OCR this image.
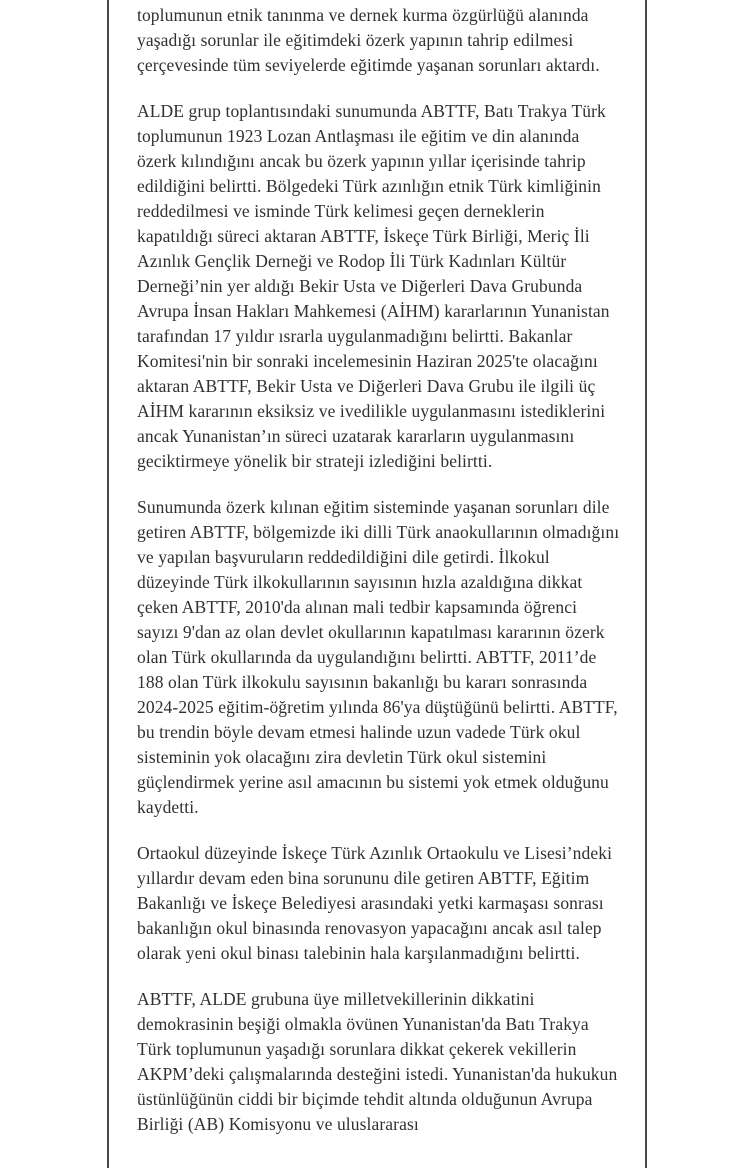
toplumunun etnik tanınma ve dernek kurma özgürlüğü alanında yaşadığı sorunlar ile eğitimdeki özerk yapının tahrip edilmesi çerçevesinde tüm seviyelerde eğitimde yaşanan sorunları aktardı.

ALDE grup toplantısındaki sunumunda ABTTF, Batı Trakya Türk toplumunun 1923 Lozan Antlaşması ile eğitim ve din alanında özerk kılındığını ancak bu özerk yapının yıllar içerisinde tahrip edildiğini belirtti. Bölgedeki Türk azınlığın etnik Türk kimliğinin reddedilmesi ve isminde Türk kelimesi geçen derneklerin kapatıldığı süreci aktaran ABTTF, İskeçe Türk Birliği, Meriç İli Azınlık Gençlik Derneği ve Rodop İli Türk Kadınları Kültür Derneği’nin yer aldığı Bekir Usta ve Diğerleri Dava Grubunda Avrupa İnsan Hakları Mahkemesi (AİHM) kararlarının Yunanistan tarafından 17 yıldır ısrarla uygulanmadığını belirtti. Bakanlar Komitesi'nin bir sonraki incelemesinin Haziran 2025'te olacağını aktaran ABTTF, Bekir Usta ve Diğerleri Dava Grubu ile ilgili üç AİHM kararının eksiksiz ve ivedilikle uygulanmasını istediklerini ancak Yunanistan’ın süreci uzatarak kararların uygulanmasını geciktirmeye yönelik bir strateji izlediğini belirtti.

Sunumunda özerk kılınan eğitim sisteminde yaşanan sorunları dile getiren ABTTF, bölgemizde iki dilli Türk anaokullarının olmadığını ve yapılan başvuruların reddedildiğini dile getirdi. İlkokul düzeyinde Türk ilkokullarının sayısının hızla azaldığına dikkat çeken ABTTF, 2010'da alınan mali tedbir kapsamında öğrenci sayızı 9'dan az olan devlet okullarının kapatılması kararının özerk olan Türk okullarında da uygulandığını belirtti. ABTTF, 2011’de 188 olan Türk ilkokulu sayısının bakanlığı bu kararı sonrasında 2024-2025 eğitim-öğretim yılında 86'ya düştüğünü belirtti. ABTTF, bu trendin böyle devam etmesi halinde uzun vadede Türk okul sisteminin yok olacağını zira devletin Türk okul sistemini güçlendirmek yerine asıl amacının bu sistemi yok etmek olduğunu kaydetti.

Ortaokul düzeyinde İskeçe Türk Azınlık Ortaokulu ve Lisesi’ndeki yıllardır devam eden bina sorununu dile getiren ABTTF, Eğitim Bakanlığı ve İskeçe Belediyesi arasındaki yetki karmaşası sonrası bakanlığın okul binasında renovasyon yapacağını ancak asıl talep olarak yeni okul binası talebinin hala karşılanmadığını belirtti.

ABTTF, ALDE grubuna üye milletvekillerinin dikkatini demokrasinin beşiği olmakla övünen Yunanistan'da Batı Trakya Türk toplumunun yaşadığı sorunlara dikkat çekerek vekillerin AKPM’deki çalışmalarında desteğini istedi. Yunanistan'da hukukun üstünlüğünün ciddi bir biçimde tehdit altında olduğunun Avrupa Birliği (AB) Komisyonu ve uluslararası
